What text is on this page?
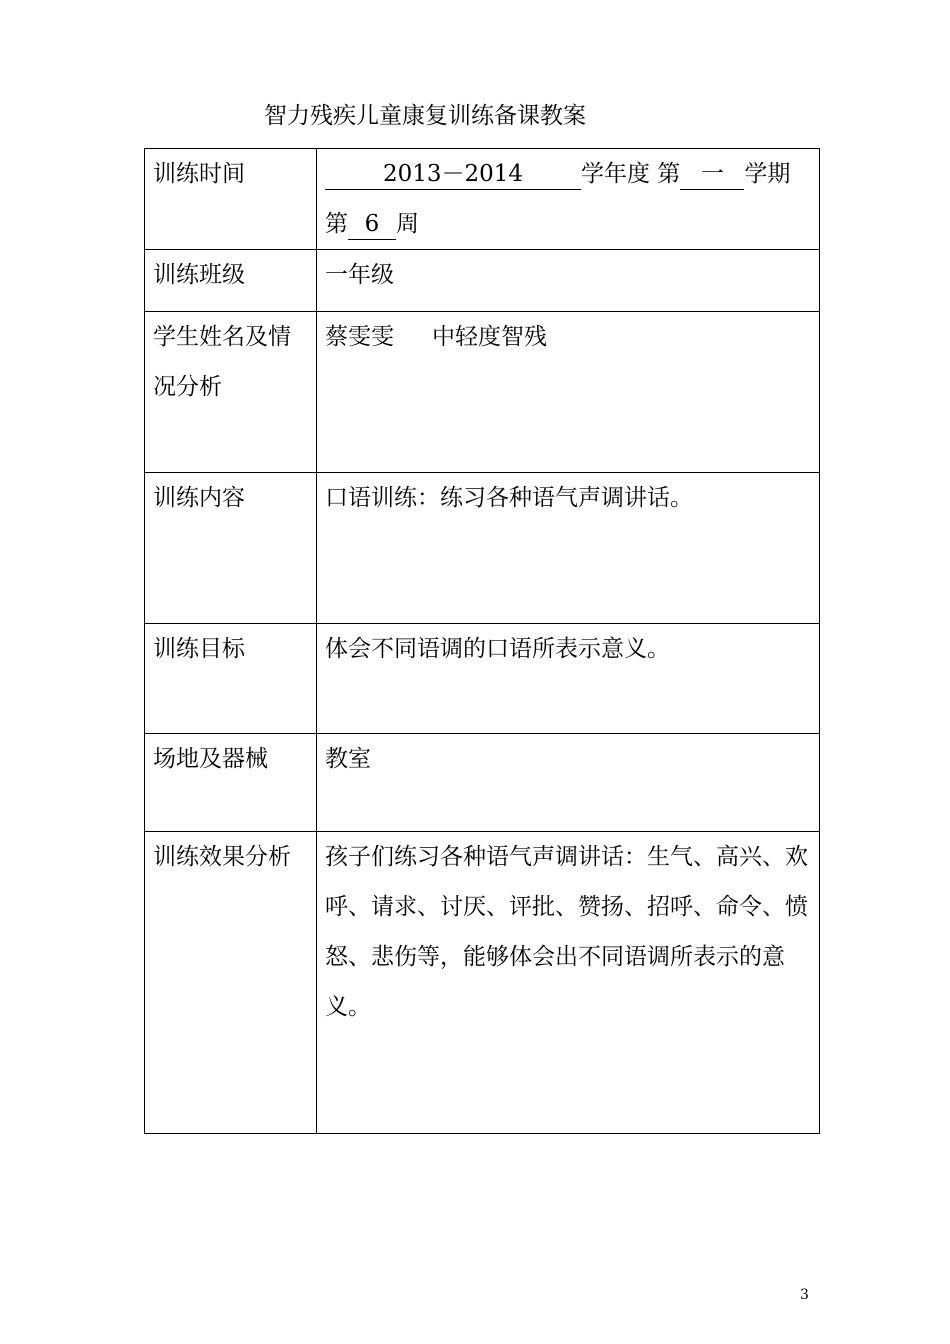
智力残疾儿童康复训练备课教案
训练时间	2013－2014 学年度 第 一 学期
第 6 周
训练班级	一年级
学生姓名及情况分析	蔡雯雯 中轻度智残
训练内容	口语训练：练习各种语气声调讲话。
训练目标	体会不同语调的口语所表示意义。
场地及器械	教室
训练效果分析	孩子们练习各种语气声调讲话：生气、高兴、欢呼、请求、讨厌、评批、赞扬、招呼、命令、愤怒、悲伤等，能够体会出不同语调所表示的意义。
3
